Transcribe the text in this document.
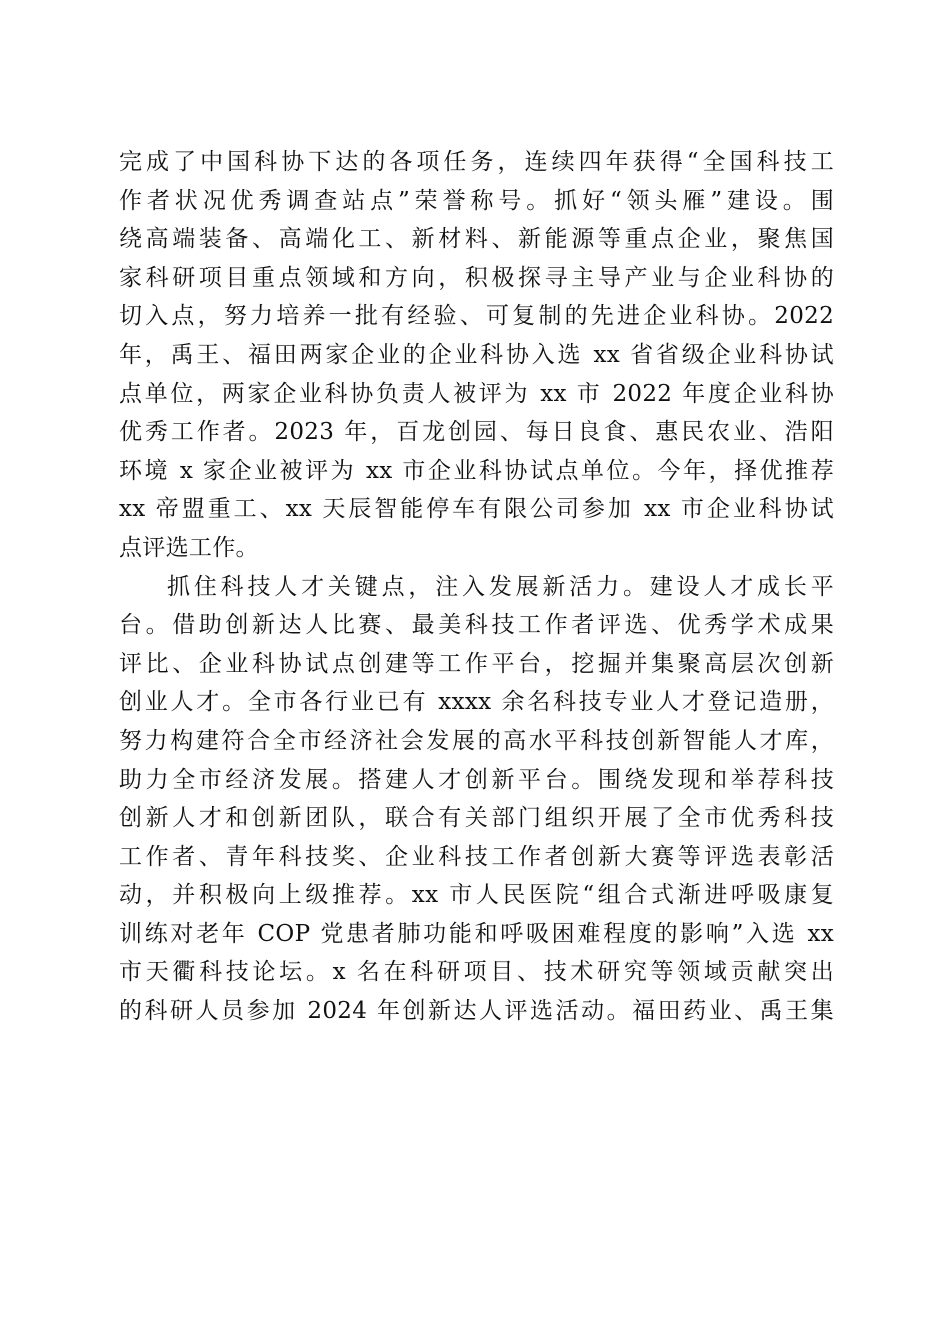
完成了中国科协下达的各项任务，连续四年获得“全国科技工
作者状况优秀调查站点”荣誉称号。抓好“领头雁”建设。围
绕高端装备、高端化工、新材料、新能源等重点企业，聚焦国
家科研项目重点领域和方向，积极探寻主导产业与企业科协的
切入点，努力培养一批有经验、可复制的先进企业科协。2022
年，禹王、福田两家企业的企业科协入选 xx 省省级企业科协试
点单位，两家企业科协负责人被评为 xx 市 2022 年度企业科协
优秀工作者。2023 年，百龙创园、每日良食、惠民农业、浩阳
环境 x 家企业被评为 xx 市企业科协试点单位。今年，择优推荐
xx 帝盟重工、xx 天辰智能停车有限公司参加 xx 市企业科协试
点评选工作。
抓住科技人才关键点，注入发展新活力。建设人才成长平
台。借助创新达人比赛、最美科技工作者评选、优秀学术成果
评比、企业科协试点创建等工作平台，挖掘并集聚高层次创新
创业人才。全市各行业已有 xxxx 余名科技专业人才登记造册，
努力构建符合全市经济社会发展的高水平科技创新智能人才库，
助力全市经济发展。搭建人才创新平台。围绕发现和举荐科技
创新人才和创新团队，联合有关部门组织开展了全市优秀科技
工作者、青年科技奖、企业科技工作者创新大赛等评选表彰活
动，并积极向上级推荐。xx 市人民医院“组合式渐进呼吸康复
训练对老年 COP 党患者肺功能和呼吸困难程度的影响”入选 xx
市天衢科技论坛。x 名在科研项目、技术研究等领域贡献突出
的科研人员参加 2024 年创新达人评选活动。福田药业、禹王集
